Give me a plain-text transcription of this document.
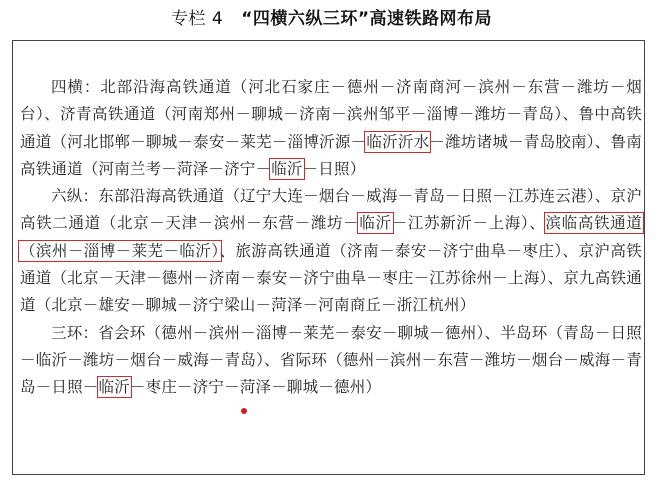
专栏 4 “四横六纵三环”高速铁路网布局

四横：北部沿海高铁通道（河北石家庄－德州－济南商河－滨州－东营－潍坊－烟台）、济青高铁通道（河南郑州－聊城－济南－滨州邹平－淄博－潍坊－青岛）、鲁中高铁通道（河北邯郸－聊城－泰安－莱芜－淄博沂源－临沂沂水－潍坊诸城－青岛胶南）、鲁南高铁通道（河南兰考－菏泽－济宁－临沂－日照）

六纵：东部沿海高铁通道（辽宁大连－烟台－威海－青岛－日照－江苏连云港）、京沪高铁二通道（北京－天津－滨州－东营－潍坊－临沂－江苏新沂－上海）、滨临高铁通道（滨州－淄博－莱芜－临沂）、旅游高铁通道（济南－泰安－济宁曲阜－枣庄）、京沪高铁通道（北京－天津－德州－济南－泰安－济宁曲阜－枣庄－江苏徐州－上海）、京九高铁通道（北京－雄安－聊城－济宁梁山－菏泽－河南商丘－浙江杭州）

三环：省会环（德州－滨州－淄博－莱芜－泰安－聊城－德州）、半岛环（青岛－日照－临沂－潍坊－烟台－威海－青岛）、省际环（德州－滨州－东营－潍坊－烟台－威海－青岛－日照－临沂－枣庄－济宁－菏泽－聊城－德州）
